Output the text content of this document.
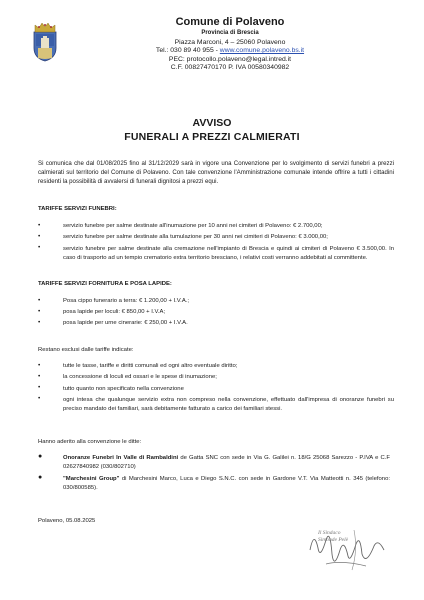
Comune di Polaveno
Provincia di Brescia
Piazza Marconi, 4 – 25060 Polaveno
Tel.: 030 89 40 955 - www.comune.polaveno.bs.it
PEC: protocollo.polaveno@legal.intred.it
C.F. 00827470170 P. IVA 00580340982
AVVISO
FUNERALI A PREZZI CALMIERATI
Si comunica che dal 01/08/2025 fino al 31/12/2029 sarà in vigore una Convenzione per lo svolgimento di servizi funebri a prezzi calmierati sul territorio del Comune di Polaveno. Con tale convenzione l'Amministrazione comunale intende offrire a tutti i cittadini residenti la possibilità di avvalersi di funerali dignitosi a prezzi equi.
TARIFFE SERVIZI FUNEBRI:
•	servizio funebre per salme destinate all'inumazione per 10 anni nei cimiteri di Polaveno: € 2.700,00;
•	servizio funebre per salme destinate alla tumulazione per 30 anni nei cimiteri di Polaveno: € 3.000,00;
•	servizio funebre per salme destinate alla cremazione nell'impianto di Brescia e quindi ai cimiteri di Polaveno € 3.500,00. In caso di trasporto ad un tempio crematorio extra territorio bresciano, i relativi costi verranno addebitati al committente.
TARIFFE SERVIZI FORNITURA E POSA LAPIDE:
•	Posa cippo funerario a terra: € 1.200,00 + I.V.A.;
•	posa lapide per loculi: € 850,00 + I.V.A;
•	posa lapide per urne cinerarie: € 250,00 + I.V.A.
Restano esclusi dalle tariffe indicate:
•	tutte le tasse, tariffe e diritti comunali ed ogni altro eventuale diritto;
•	la concessione di loculi ed ossari e le spese di inumazione;
•	tutto quanto non specificato nella convenzione
•	ogni intesa che qualunque servizio extra non compreso nella convenzione, effettuato dall'impresa di onoranze funebri su preciso mandato dei familiari, sarà debitamente fatturato a carico dei familiari stessi.
Hanno aderito alla convenzione le ditte:
●	Onoranze Funebri In Valle di Rambaldini de Gatta SNC con sede in Via G. Galilei n. 18/G 25068 Sarezzo - P.IVA e C.F 02627840982 (030/802710)
●	"Marchesini Group" di Marchesini Marco, Luca e Diego S.N.C. con sede in Gardone V.T. Via Matteotti n. 345 (telefono: 030/800585).
Polaveno, 05.08.2025
Il Sindaco
Simonde Pelè
